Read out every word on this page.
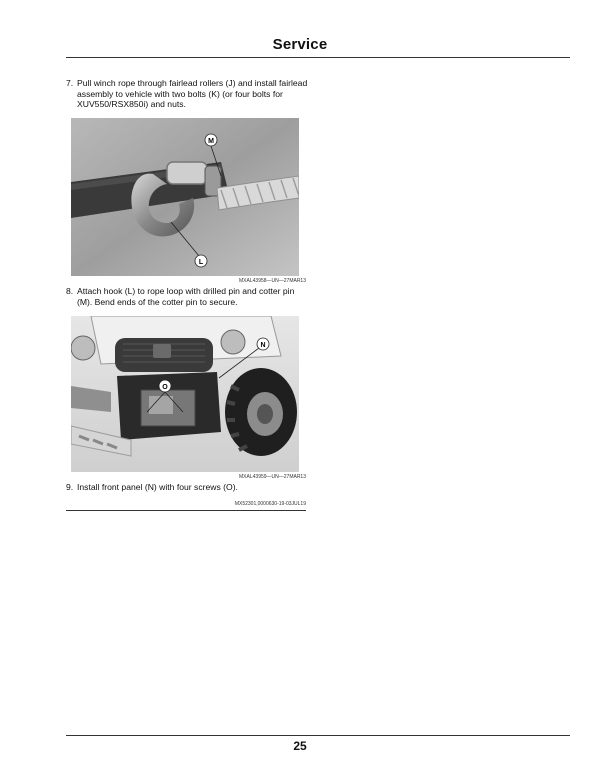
Service
7. Pull winch rope through fairlead rollers (J) and install fairlead assembly to vehicle with two bolts (K) (or four bolts for XUV550/RSX850i) and nuts.
M
L
MXAL43958—UN—27MAR13
8. Attach hook (L) to rope loop with drilled pin and cotter pin (M). Bend ends of the cotter pin to secure.
N
O
MXAL43959—UN—27MAR13
9. Install front panel (N) with four screws (O).
MX52301,0000630-19-03JUL19
25
